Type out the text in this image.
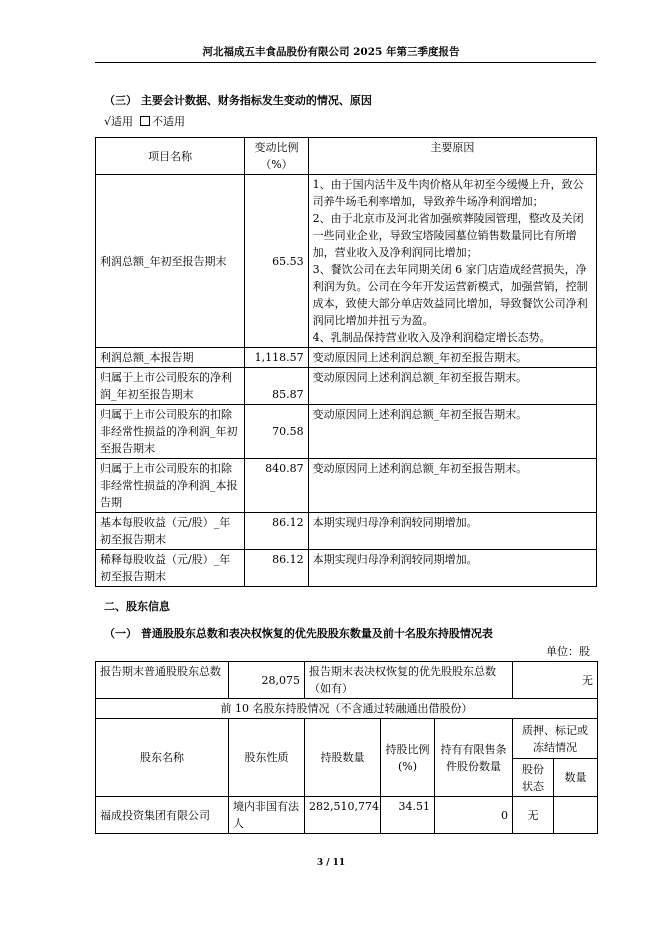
河北福成五丰食品股份有限公司 2025 年第三季度报告
（三） 主要会计数据、财务指标发生变动的情况、原因
√适用 不适用
项目名称	变动比例（%）	主要原因
利润总额_年初至报告期末	65.53	1、由于国内活牛及牛肉价格从年初至今缓慢上升，致公司养牛场毛利率增加，导致养牛场净利润增加；
2、由于北京市及河北省加强殡葬陵园管理，整改及关闭一些同业企业，导致宝塔陵园墓位销售数量同比有所增加，营业收入及净利润同比增加；
3、餐饮公司在去年同期关闭 6 家门店造成经营损失，净利润为负。公司在今年开发运营新模式，加强营销，控制成本，致使大部分单店效益同比增加，导致餐饮公司净利润同比增加并扭亏为盈。
4、乳制品保持营业收入及净利润稳定增长态势。
利润总额_本报告期	1,118.57	变动原因同上述利润总额_年初至报告期末。
归属于上市公司股东的净利润_年初至报告期末	85.87	变动原因同上述利润总额_年初至报告期末。
归属于上市公司股东的扣除非经常性损益的净利润_年初至报告期末	70.58	变动原因同上述利润总额_年初至报告期末。
归属于上市公司股东的扣除非经常性损益的净利润_本报告期	840.87	变动原因同上述利润总额_年初至报告期末。
基本每股收益（元/股）_年初至报告期末	86.12	本期实现归母净利润较同期增加。
稀释每股收益（元/股）_年初至报告期末	86.12	本期实现归母净利润较同期增加。
二、股东信息
（一） 普通股股东总数和表决权恢复的优先股股东数量及前十名股东持股情况表
单位：股
报告期末普通股股东总数	28,075	报告期末表决权恢复的优先股股东总数（如有）			无	
前 10 名股东持股情况（不含通过转融通出借股份）						
股东名称	股东性质	持股数量	持股比例(%)	持有有限售条件股份数量	质押、标记或冻结情况	
					股份状态	数量
福成投资集团有限公司	境内非国有法人	282,510,774	34.51	0	无	
3 / 11
